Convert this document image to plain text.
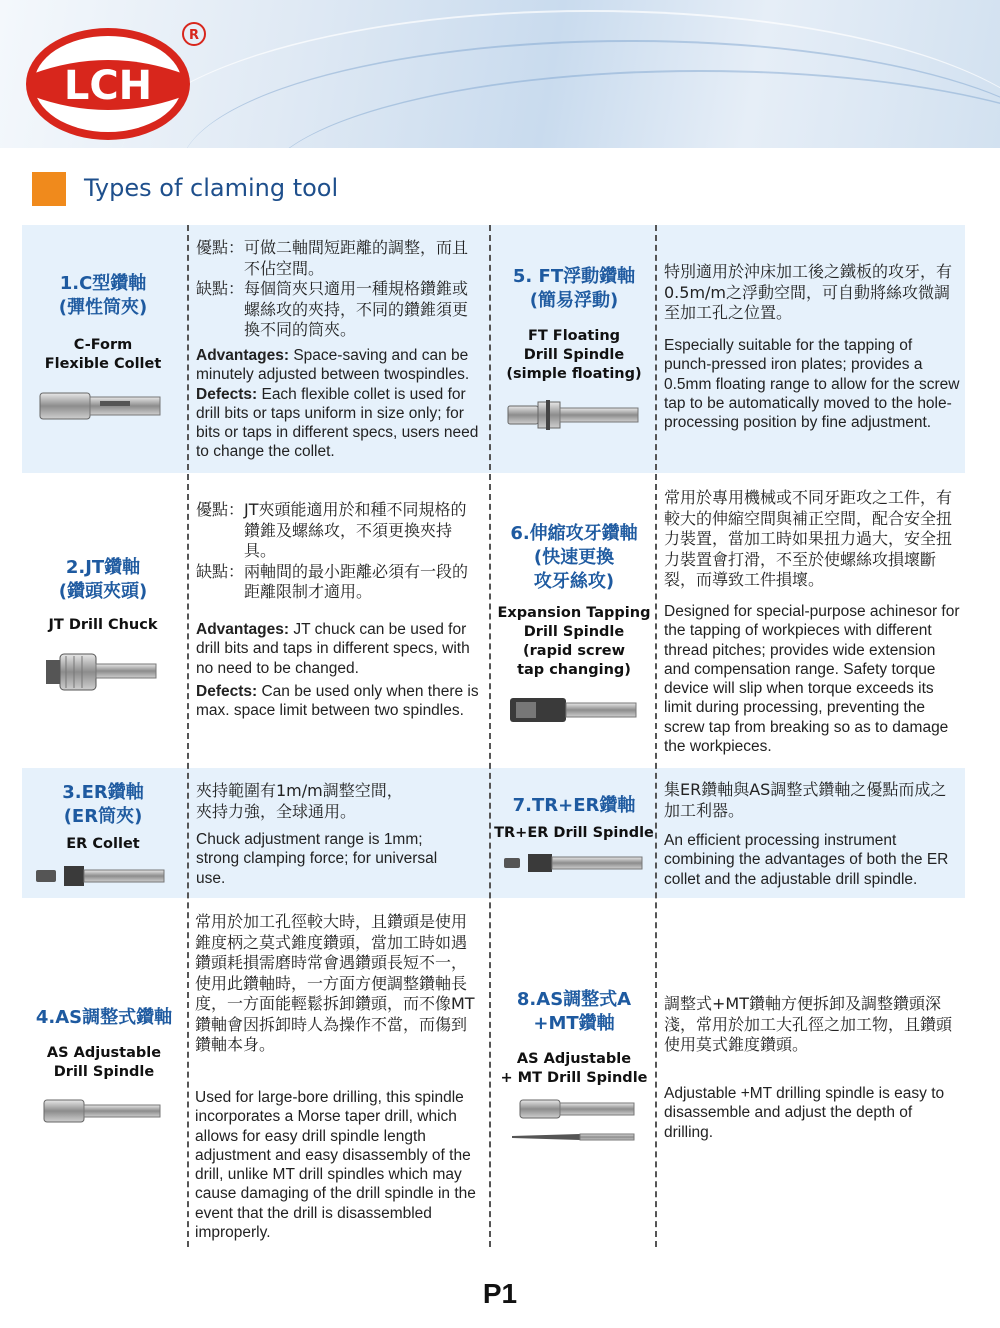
LCH
R
Types of claming tool
1.C型鑽軸
(彈性筒夾)
C-Form
Flexible Collet
優點： 可做二軸間短距離的調整，而且不佔空間。
缺點： 每個筒夾只適用一種規格鑽錐或螺絲攻的夾持，不同的鑽錐須更換不同的筒夾。
Advantages: Space-saving and can be minutely adjusted between twospindles.
Defects: Each flexible collet is used for drill bits or taps uniform in size only; for bits or taps in different specs, users need to change the collet.
5. FT浮動鑽軸
(簡易浮動)
FT Floating
Drill Spindle
(simple floating)
特別適用於沖床加工後之鐵板的攻牙，有0.5m/m之浮動空間，可自動將絲攻微調至加工孔之位置。
Especially suitable for the tapping of punch-pressed iron plates; provides a 0.5mm floating range to allow for the screw tap to be automatically moved to the hole-processing position by fine adjustment.
2.JT鑽軸
(鑽頭夾頭)
JT Drill Chuck
優點： JT夾頭能適用於和種不同規格的鑽錐及螺絲攻，不須更換夾持具。
缺點： 兩軸間的最小距離必須有一段的距離限制才適用。
Advantages: JT chuck can be used for drill bits and taps in different specs, with no need to be changed.
Defects: Can be used only when there is max. space limit between two spindles.
6.伸縮攻牙鑽軸
(快速更換
攻牙絲攻)
Expansion Tapping
Drill Spindle
(rapid screw
tap changing)
常用於專用機械或不同牙距攻之工件，有較大的伸縮空間與補正空間，配合安全扭力裝置，當加工時如果扭力過大，安全扭力裝置會打滑，不至於使螺絲攻損壞斷裂，而導致工件損壞。
Designed for special-purpose achinesor for the tapping of workpieces with different thread pitches; provides wide extension and compensation range. Safety torque device will slip when torque exceeds its limit during processing, preventing the screw tap from breaking so as to damage the workpieces.
3.ER鑽軸
(ER筒夾)
ER Collet
夾持範圍有1m/m調整空間，
夾持力強，全球通用。
Chuck adjustment range is 1mm; strong clamping force; for universal use.
7.TR+ER鑽軸
TR+ER Drill Spindle
集ER鑽軸與AS調整式鑽軸之優點而成之加工利器。
An efficient processing instrument combining the advantages of both the ER collet and the adjustable drill spindle.
4.AS調整式鑽軸
AS Adjustable
Drill Spindle
常用於加工孔徑較大時，且鑽頭是使用錐度柄之莫式錐度鑽頭，當加工時如遇鑽頭耗損需磨時常會遇鑽頭長短不一，使用此鑽軸時，一方面方便調整鑽軸長度，一方面能輕鬆拆卸鑽頭，而不像MT鑽軸會因拆卸時人為操作不當，而傷到鑽軸本身。
Used for large-bore drilling, this spindle incorporates a Morse taper drill, which allows for easy drill spindle length adjustment and easy disassembly of the drill, unlike MT drill spindles which may cause damaging of the drill spindle in the event that the drill is disassembled improperly.
8.AS調整式A
+MT鑽軸
AS Adjustable
+ MT Drill Spindle
調整式+MT鑽軸方便拆卸及調整鑽頭深淺，常用於加工大孔徑之加工物，且鑽頭使用莫式錐度鑽頭。
Adjustable +MT drilling spindle is easy to disassemble and adjust the depth of drilling.
P1
